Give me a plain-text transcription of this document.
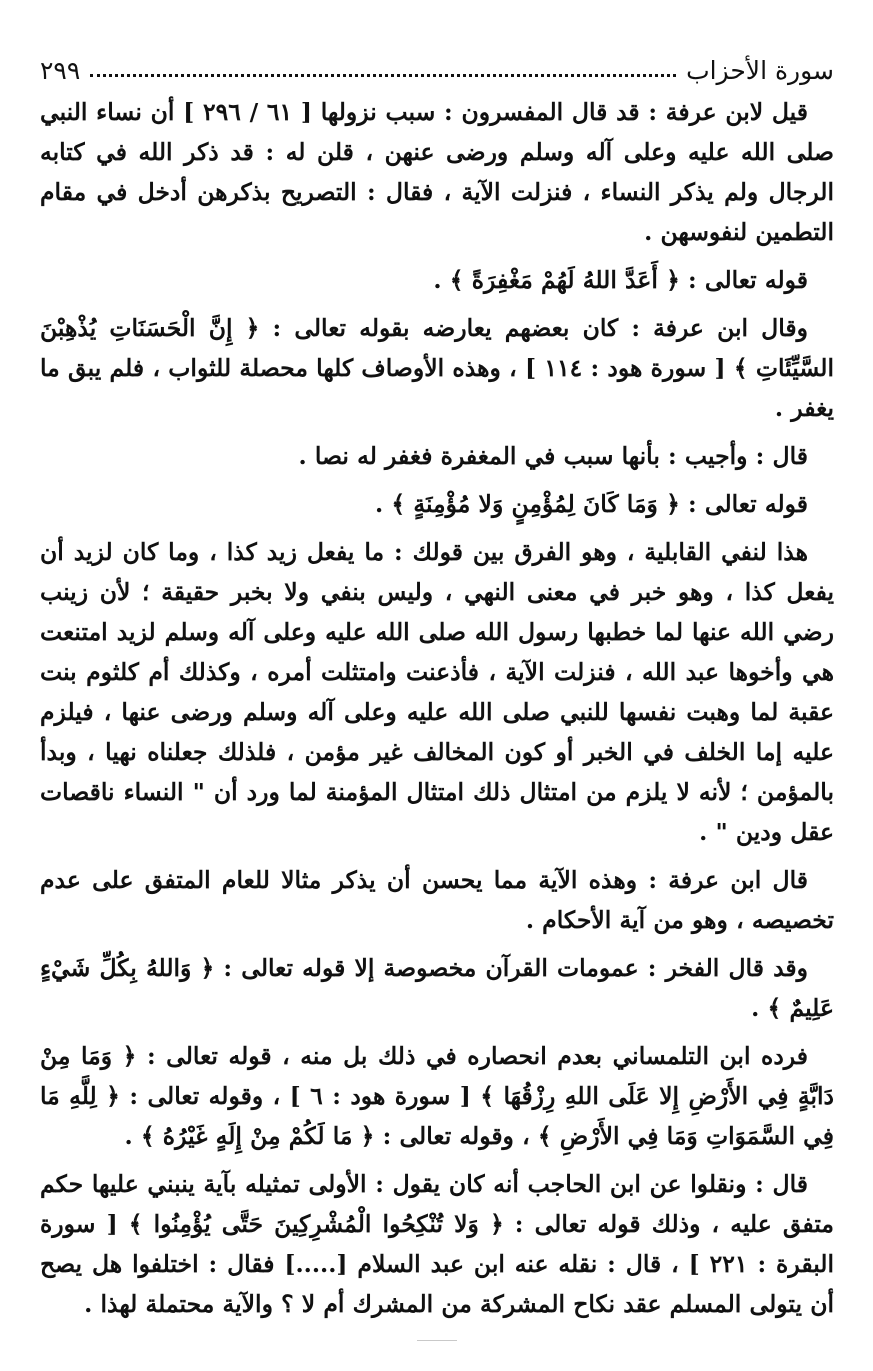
سورة الأحزاب
٢٩٩

قيل لابن عرفة : قد قال المفسرون : سبب نزولها [ ٦١ / ٢٩٦ ] أن نساء النبي صلى الله عليه وعلى آله وسلم ورضى عنهن ، قلن له : قد ذكر الله في كتابه الرجال ولم يذكر النساء ، فنزلت الآية ، فقال : التصريح بذكرهن أدخل في مقام التطمين لنفوسهن .

قوله تعالى : ﴿ أَعَدَّ اللهُ لَهُمْ مَغْفِرَةً ﴾ .

وقال ابن عرفة : كان بعضهم يعارضه بقوله تعالى : ﴿ إِنَّ الْحَسَنَاتِ يُذْهِبْنَ السَّيِّئَاتِ ﴾ [ سورة هود : ١١٤ ] ، وهذه الأوصاف كلها محصلة للثواب ، فلم يبق ما يغفر .

قال : وأجيب : بأنها سبب في المغفرة فغفر له نصا .

قوله تعالى : ﴿ وَمَا كَانَ لِمُؤْمِنٍ وَلا مُؤْمِنَةٍ ﴾ .

هذا لنفي القابلية ، وهو الفرق بين قولك : ما يفعل زيد كذا ، وما كان لزيد أن يفعل كذا ، وهو خبر في معنى النهي ، وليس بنفي ولا بخبر حقيقة ؛ لأن زينب رضي الله عنها لما خطبها رسول الله صلى الله عليه وعلى آله وسلم لزيد امتنعت هي وأخوها عبد الله ، فنزلت الآية ، فأذعنت وامتثلت أمره ، وكذلك أم كلثوم بنت عقبة لما وهبت نفسها للنبي صلى الله عليه وعلى آله وسلم ورضى عنها ، فيلزم عليه إما الخلف في الخبر أو كون المخالف غير مؤمن ، فلذلك جعلناه نهيا ، وبدأ بالمؤمن ؛ لأنه لا يلزم من امتثال ذلك امتثال المؤمنة لما ورد أن " النساء ناقصات عقل ودين " .

قال ابن عرفة : وهذه الآية مما يحسن أن يذكر مثالا للعام المتفق على عدم تخصيصه ، وهو من آية الأحكام .

وقد قال الفخر : عمومات القرآن مخصوصة إلا قوله تعالى : ﴿ وَاللهُ بِكُلِّ شَيْءٍ عَلِيمٌ ﴾ .

فرده ابن التلمساني بعدم انحصاره في ذلك بل منه ، قوله تعالى : ﴿ وَمَا مِنْ دَابَّةٍ فِي الأَرْضِ إِلا عَلَى اللهِ رِزْقُهَا ﴾ [ سورة هود : ٦ ] ، وقوله تعالى : ﴿ لِلَّهِ مَا فِي السَّمَوَاتِ وَمَا فِي الأَرْضِ ﴾ ، وقوله تعالى : ﴿ مَا لَكُمْ مِنْ إِلَهٍ غَيْرُهُ ﴾ .

قال : ونقلوا عن ابن الحاجب أنه كان يقول : الأولى تمثيله بآية ينبني عليها حكم متفق عليه ، وذلك قوله تعالى : ﴿ وَلا تُنْكِحُوا الْمُشْرِكِينَ حَتَّى يُؤْمِنُوا ﴾ [ سورة البقرة : ٢٢١ ] ، قال : نقله عنه ابن عبد السلام [.....] فقال : اختلفوا هل يصح أن يتولى المسلم عقد نكاح المشركة من المشرك أم لا ؟ والآية محتملة لهذا .
